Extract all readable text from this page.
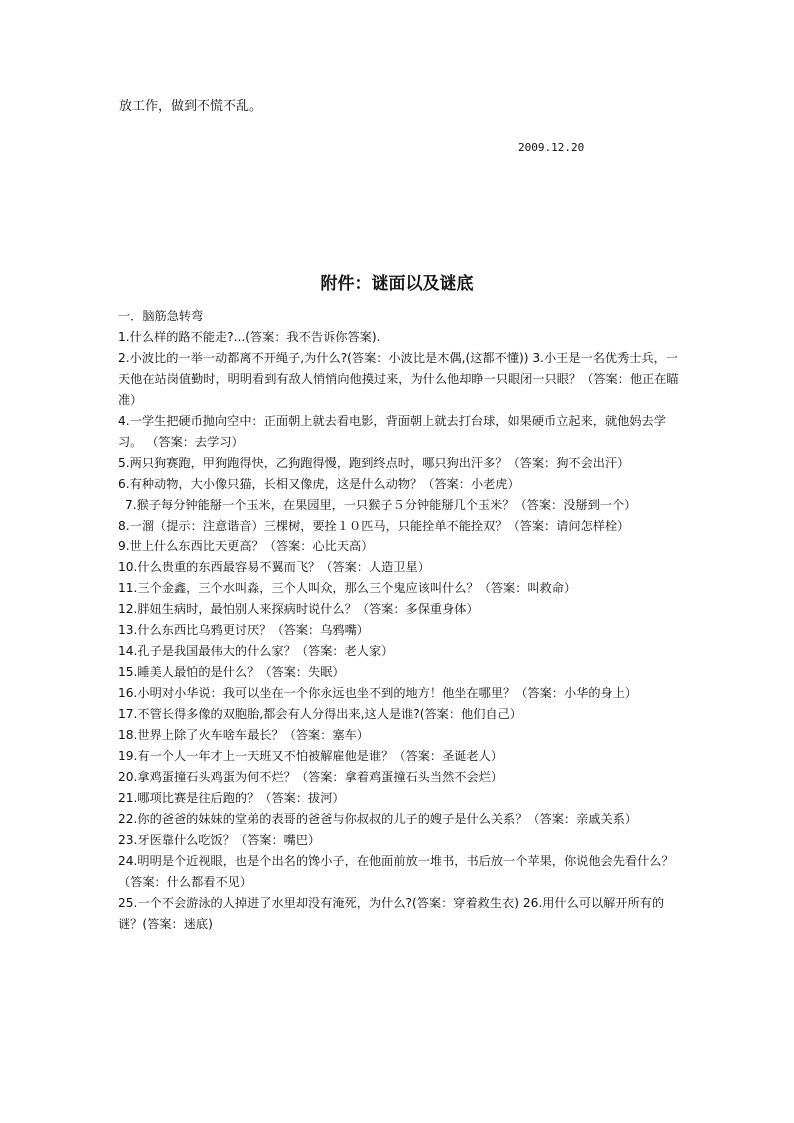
放工作，做到不慌不乱。
2009.12.20
附件：谜面以及谜底

一．脑筋急转弯

1.什么样的路不能走?...(答案：我不告诉你答案).

2.小波比的一举一动都离不开绳子,为什么?(答案：小波比是木偶,(这都不懂)) 3.小王是一名优秀士兵，一天他在站岗值勤时，明明看到有敌人悄悄向他摸过来，为什么他却睁一只眼闭一只眼？（答案：他正在瞄准）

4.一学生把硬币抛向空中：正面朝上就去看电影，背面朝上就去打台球，如果硬币立起来，就他妈去学习。 （答案：去学习）

5.两只狗赛跑，甲狗跑得快，乙狗跑得慢，跑到终点时，哪只狗出汗多？（答案：狗不会出汗）

6.有种动物，大小像只猫，长相又像虎，这是什么动物？（答案：小老虎）

7.猴子每分钟能掰一个玉米，在果园里，一只猴子５分钟能掰几个玉米？（答案：没掰到一个）

8.一溜（提示：注意谐音）三棵树，要拴１０匹马，只能拴单不能拴双？（答案：请问怎样栓）

9.世上什么东西比天更高？（答案：心比天高）

10.什么贵重的东西最容易不翼而飞？（答案：人造卫星）

11.三个金鑫，三个水叫淼，三个人叫众，那么三个鬼应该叫什么？（答案：叫救命）

12.胖妞生病时，最怕别人来探病时说什么？（答案：多保重身体）

13.什么东西比乌鸦更讨厌？（答案：乌鸦嘴）

14.孔子是我国最伟大的什么家？（答案：老人家）

15.睡美人最怕的是什么？（答案：失眠）

16.小明对小华说：我可以坐在一个你永远也坐不到的地方！他坐在哪里？（答案：小华的身上）

17.不管长得多像的双胞胎,都会有人分得出来,这人是谁?(答案：他们自己）

18.世界上除了火车啥车最长？（答案：塞车）

19.有一个人一年才上一天班又不怕被解雇他是谁？（答案：圣诞老人）

20.拿鸡蛋撞石头鸡蛋为何不烂？（答案：拿着鸡蛋撞石头当然不会烂）

21.哪项比赛是往后跑的？（答案：拔河）

22.你的爸爸的妹妹的堂弟的表哥的爸爸与你叔叔的儿子的嫂子是什么关系？（答案：亲戚关系）

23.牙医靠什么吃饭？（答案：嘴巴）

24.明明是个近视眼，也是个出名的馋小子，在他面前放一堆书，书后放一个苹果，你说他会先看什么？（答案：什么都看不见）

25.一个不会游泳的人掉进了水里却没有淹死，为什么?(答案：穿着救生衣) 26.用什么可以解开所有的谜？(答案：迷底)
